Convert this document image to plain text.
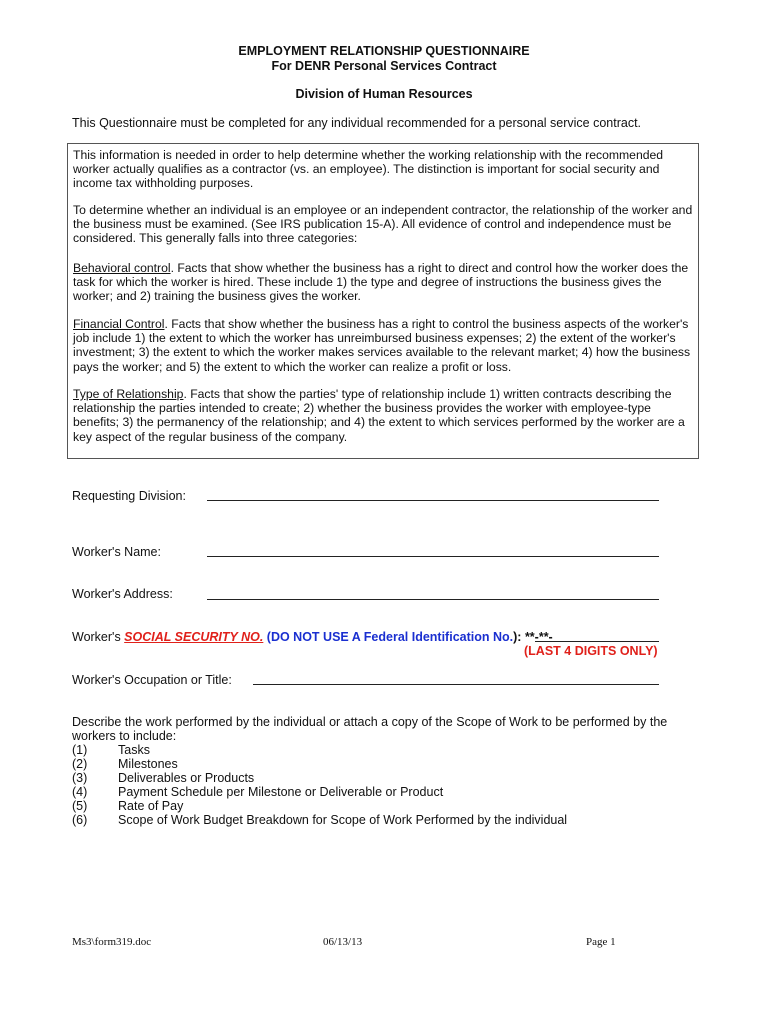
EMPLOYMENT RELATIONSHIP QUESTIONNAIRE
For DENR Personal Services Contract
Division of Human Resources
This Questionnaire must be completed for any individual recommended for a personal service contract.

This information is needed in order to help determine whether the working relationship with the recommended worker actually qualifies as a contractor (vs. an employee). The distinction is important for social security and income tax withholding purposes.

To determine whether an individual is an employee or an independent contractor, the relationship of the worker and the business must be examined. (See IRS publication 15-A). All evidence of control and independence must be considered. This generally falls into three categories:

Behavioral control. Facts that show whether the business has a right to direct and control how the worker does the task for which the worker is hired. These include 1) the type and degree of instructions the business gives the worker; and 2) training the business gives the worker.

Financial Control. Facts that show whether the business has a right to control the business aspects of the worker's job include 1) the extent to which the worker has unreimbursed business expenses; 2) the extent of the worker's investment; 3) the extent to which the worker makes services available to the relevant market; 4) how the business pays the worker; and 5) the extent to which the worker can realize a profit or loss.

Type of Relationship. Facts that show the parties' type of relationship include 1) written contracts describing the relationship the parties intended to create; 2) whether the business provides the worker with employee-type benefits; 3) the permanency of the relationship; and 4) the extent to which services performed by the worker are a key aspect of the regular business of the company.

Requesting Division:
Worker's Name:
Worker's Address:
Worker's SOCIAL SECURITY NO. (DO NOT USE A Federal Identification No.): **-**-
(LAST 4 DIGITS ONLY)
Worker's Occupation or Title:
Describe the work performed by the individual or attach a copy of the Scope of Work to be performed by the workers to include:
(1) Tasks
(2) Milestones
(3) Deliverables or Products
(4) Payment Schedule per Milestone or Deliverable or Product
(5) Rate of Pay
(6) Scope of Work Budget Breakdown for Scope of Work Performed by the individual
Ms3\form319.doc	06/13/13	Page 1
